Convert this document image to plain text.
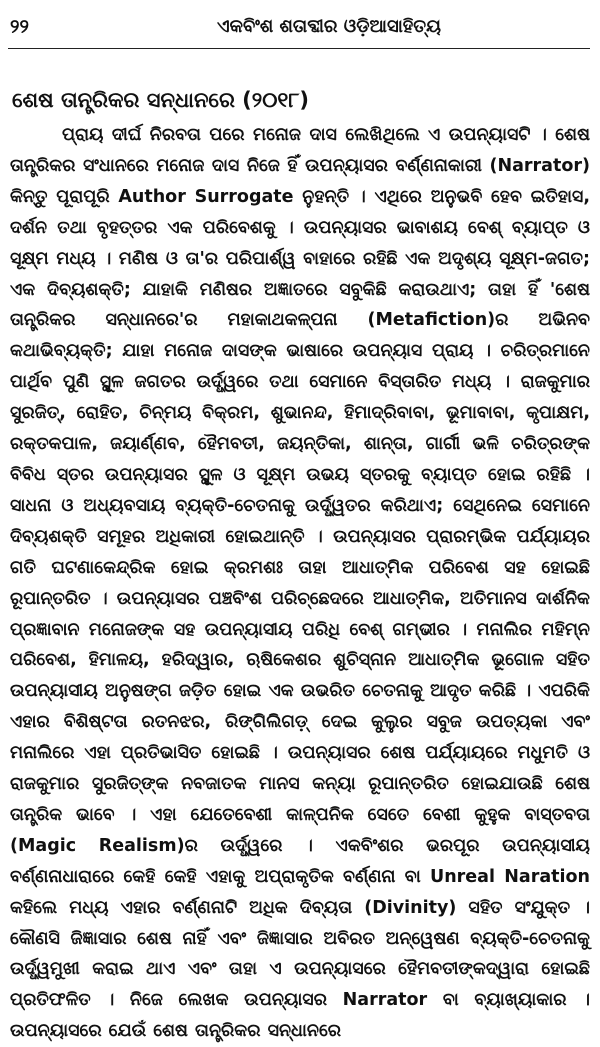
୨୨	ଏକବିଂଶ ଶତାବ୍ଦୀର ଓଡ଼ିଆସାହିତ୍ୟ
ଶେଷ ତାନ୍ତ୍ରିକର ସନ୍ଧାନରେ (୨୦୧୮)

ପ୍ରାୟ ଦୀର୍ଘ ନିରବତା ପରେ ମନୋଜ ଦାସ ଲେଖିଥିଲେ ଏ ଉପନ୍ୟାସଟି । ଶେଷ ତାନ୍ତ୍ରିକର ସଂଧାନରେ ମନୋଜ ଦାସ ନିଜେ ହିଁ ଉପନ୍ୟାସର ବର୍ଣ୍ଣନାକାରୀ (Narrator) କିନ୍ତୁ ପୂରାପୂରି Author Surrogate ନୁହନ୍ତି । ଏଥିରେ ଅନୁଭବି ହେବ ଇତିହାସ, ଦର୍ଶନ ତଥା ବୃହତ୍ତର ଏକ ପରିବେଶକୁ । ଉପନ୍ୟାସର ଭାବାଶୟ ବେଶ୍ ବ୍ୟାପ୍ତ ଓ ସୂକ୍ଷ୍ମ ମଧ୍ୟ । ମଣିଷ ଓ ତା'ର ପରିପାର୍ଶ୍ୱ ବାହାରେ ରହିଛି ଏକ ଅଦୃଶ୍ୟ ସୂକ୍ଷ୍ମ-ଜଗତ; ଏକ ଦିବ୍ୟଶକ୍ତି; ଯାହାକି ମଣିଷର ଅଜ୍ଞାତରେ ସବୁକିଛି କରାଉଥାଏ; ତାହା ହିଁ 'ଶେଷ ତାନ୍ତ୍ରିକର ସନ୍ଧାନରେ'ର ମହାକାଥକଳ୍ପନା (Metafiction)ର ଅଭିନବ କଥାଭିବ୍ୟକ୍ତି; ଯାହା ମନୋଜ ଦାସଙ୍କ ଭାଷାରେ ଉପନ୍ୟାସ ପ୍ରାୟ । ଚରିତ୍ରମାନେ ପାର୍ଥିବ ପୁଣି ସ୍ଥୂଳ ଜଗତର ଉର୍ଦ୍ଧ୍ୱରେ ତଥା ସେମାନେ ବିସ୍ତାରିତ ମଧ୍ୟ । ରାଜକୁମାର ସୁରଜିତ୍, ରୋହିତ, ଚିନ୍ମୟ ବିକ୍ରମ, ଶୁଭାନନ୍ଦ, ହିମାଦ୍ରିବାବା, ଭୂମାବାବା, କୃପାକ୍ଷମ, ରକ୍ତକପାଳ, ଜୟାର୍ଣ୍ଣବ, ହୈମବତୀ, ଜୟନ୍ତିକା, ଶାନ୍ତା, ଗାର୍ଗୀ ଭଳି ଚରିତ୍ରଙ୍କ ବିବିଧ ସ୍ତର ଉପନ୍ୟାସର ସ୍ଥୂଳ ଓ ସୂକ୍ଷ୍ମ ଉଭୟ ସ୍ତରକୁ ବ୍ୟାପ୍ତ ହୋଇ ରହିଛି । ସାଧନା ଓ ଅଧ୍ୟବସାୟ ବ୍ୟକ୍ତି-ଚେତନାକୁ ଉର୍ଦ୍ଧ୍ୱତର କରିଥାଏ; ସେଥିନେଇ ସେମାନେ ଦିବ୍ୟଶକ୍ତି ସମୂହର ଅଧିକାରୀ ହୋଇଥାନ୍ତି । ଉପନ୍ୟାସର ପ୍ରାରମ୍ଭିକ ପର୍ଯ୍ୟାୟର ଗତି ଘଟଣାକେନ୍ଦ୍ରିକ ହୋଇ କ୍ରମଶଃ ତାହା ଆଧାତ୍ମିକ ପରିବେଶ ସହ ହୋଇଛି ରୂପାନ୍ତରିତ । ଉପନ୍ୟାସର ପଞ୍ଚବିଂଶ ପରିଚ୍ଛେଦରେ ଆଧାତ୍ମିକ, ଅତିମାନସ ଦାର୍ଶନିକ ପ୍ରଜ୍ଞାବାନ ମନୋଜଙ୍କ ସହ ଉପନ୍ୟାସୀୟ ପରିଧି ବେଶ୍ ଗମ୍ଭୀର । ମନାଲିର ମହିମ୍ନ ପରିବେଶ, ହିମାଳୟ, ହରିଦ୍ୱାର, ଋଷିକେଶର ଶୁଚିସ୍ନାନ ଆଧାତ୍ମିକ ଭୂଗୋଳ ସହିତ ଉପନ୍ୟାସୀୟ ଅନୁଷଙ୍ଗ ଜଡ଼ିତ ହୋଇ ଏକ ଉଭରିତ ଚେତନାକୁ ଆଦୃତ କରିଛି । ଏପରିକି ଏହାର ବିଶିଷ୍ଟତା ରତନଝର, ରିଙ୍ଗିଲିଗଡ଼୍ ଦେଇ କୁଲୁର ସବୁଜ ଉପତ୍ୟକା ଏବଂ ମନାଲିରେ ଏହା ପ୍ରତିଭାସିତ ହୋଇଛି । ଉପନ୍ୟାସର ଶେଷ ପର୍ଯ୍ୟାୟରେ ମଧୁମତି ଓ ରାଜକୁମାର ସୁରଜିତ୍‌ଙ୍କ ନବଜାତକ ମାନସ କନ୍ୟା ରୂପାନ୍ତରିତ ହୋଇଯାଉଛି ଶେଷ ତାନ୍ତ୍ରିକ ଭାବେ । ଏହା ଯେତେବେଶୀ କାଳ୍ପନିକ ସେତେ ବେଶୀ କୁହୁକ ବାସ୍ତବତା (Magic Realism)ର ଉର୍ଦ୍ଧ୍ୱରେ । ଏକବିଂଶର ଭରପୂର ଉପନ୍ୟାସୀୟ ବର୍ଣ୍ଣନାଧାରାରେ କେହି କେହି ଏହାକୁ ଅପ୍ରାକୃତିକ ବର୍ଣ୍ଣନା ବା Unreal Naration କହିଲେ ମଧ୍ୟ ଏହାର ବର୍ଣ୍ଣନାଟି ଅଧିକ ଦିବ୍ୟତା (Divinity) ସହିତ ସଂଯୁକ୍ତ । କୌଣସି ଜିଜ୍ଞାସାର ଶେଷ ନାହିଁ ଏବଂ ଜିଜ୍ଞାସାର ଅବିରତ ଅନ୍ୱେଷଣ ବ୍ୟକ୍ତି-ଚେତନାକୁ ଉର୍ଦ୍ଧ୍ୱମୁଖୀ କରାଇ ଥାଏ ଏବଂ ତାହା ଏ ଉପନ୍ୟାସରେ ହୈମବତୀଙ୍କଦ୍ୱାରା ହୋଇଛି ପ୍ରତିଫଳିତ । ନିଜେ ଲେଖକ ଉପନ୍ୟାସର Narrator ବା ବ୍ୟାଖ୍ୟାକାର । ଉପନ୍ୟାସରେ ଯେଉଁ ଶେଷ ତାନ୍ତ୍ରିକର ସନ୍ଧାନରେ
